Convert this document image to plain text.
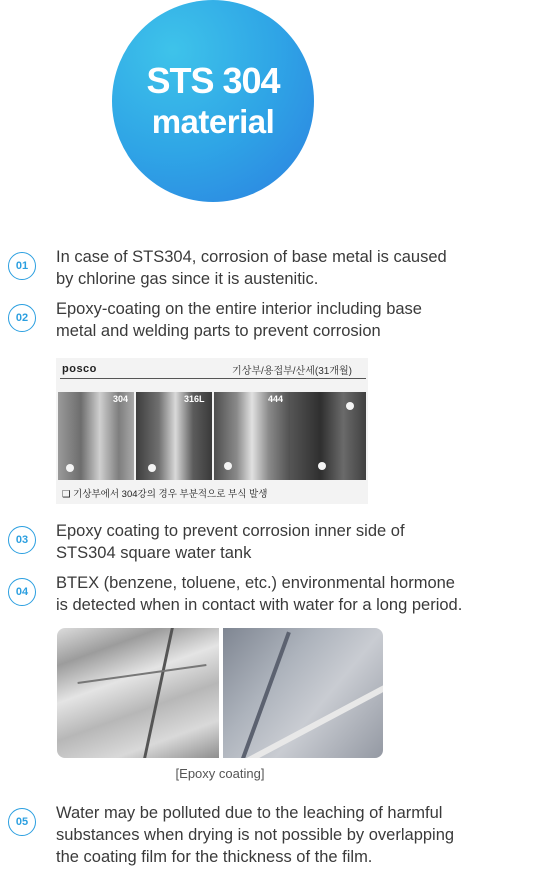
STS 304
material
01	In case of STS304, corrosion of base metal is caused
by chlorine gas since it is austenitic.
02	Epoxy-coating on the entire interior including base
metal and welding parts to prevent corrosion
posco	기상부/용접부/산세(31개월)
304	316L	444
❑ 기상부에서 304강의 경우 부분적으로 부식 발생
03	Epoxy coating to prevent corrosion inner side of
STS304 square water tank
04	BTEX (benzene, toluene, etc.) environmental hormone
is detected when in contact with water for a long period.
[Epoxy coating]
05	Water may be polluted due to the leaching of harmful
substances when drying is not possible by overlapping
the coating film for the thickness of the film.
